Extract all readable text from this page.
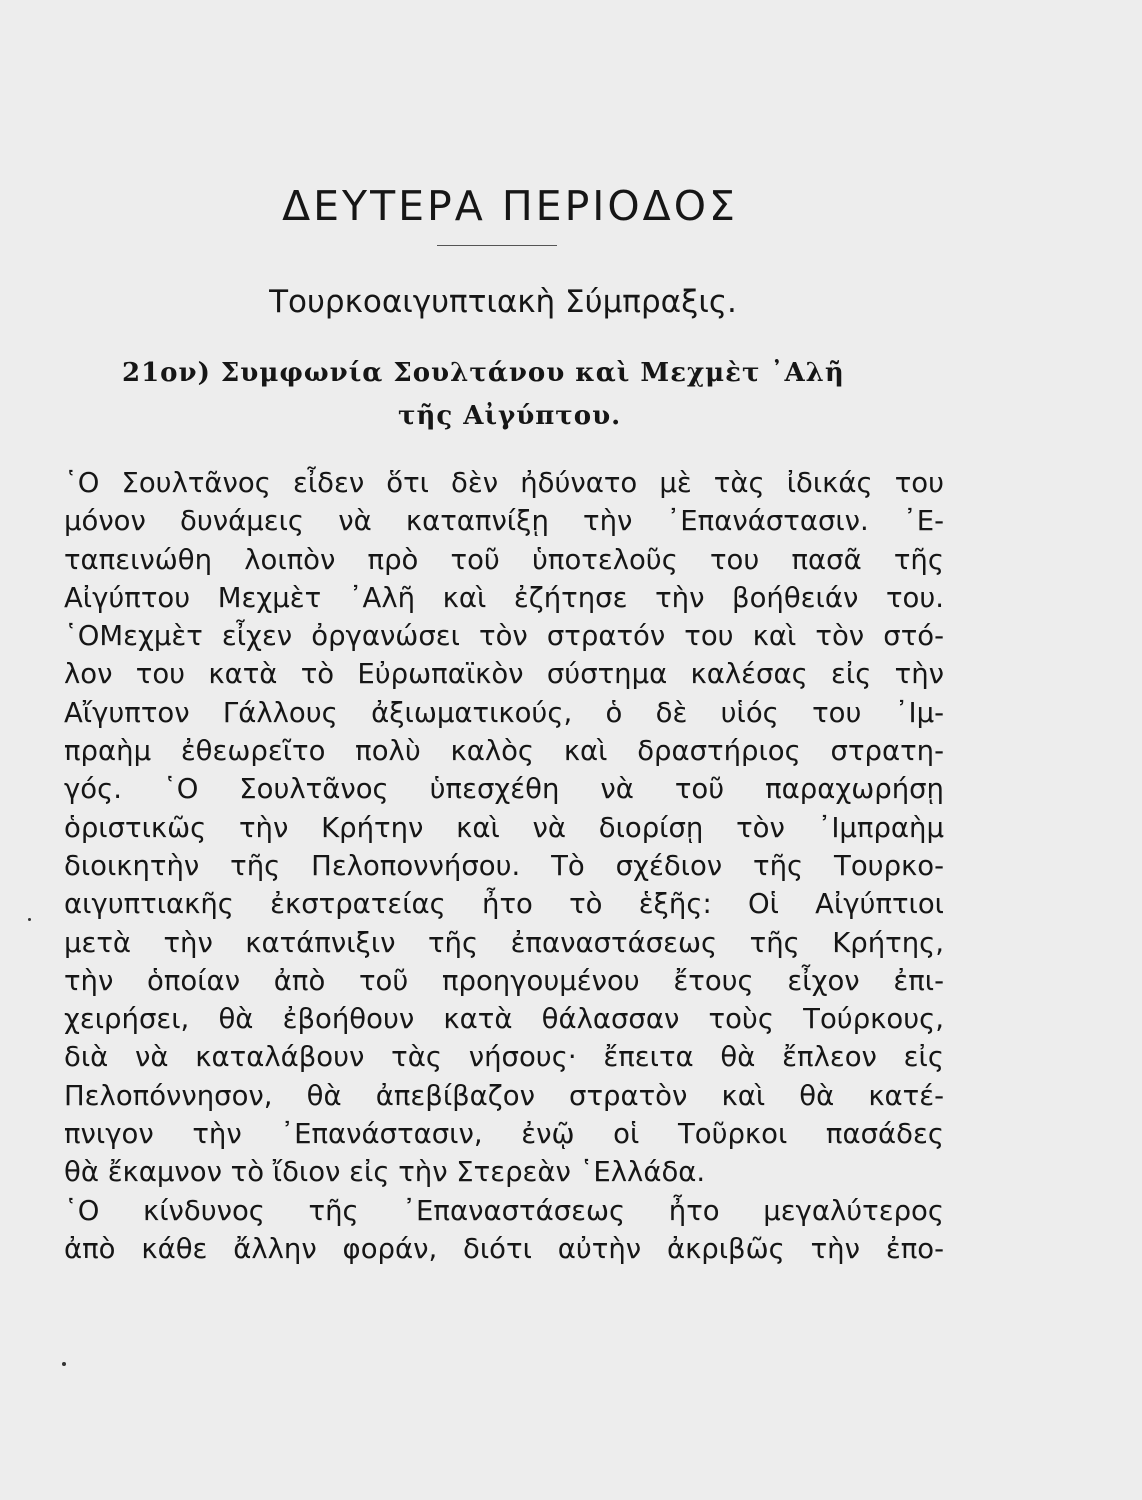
ΔΕΥΤΕΡΑ ΠΕΡΙΟΔΟΣ
Τουρκοαιγυπτιακὴ Σύμπραξις.
21ον) Συμφωνία Σουλτάνου καὶ Μεχμὲτ ᾿Αλῆ
τῆς Αἰγύπτου.
῾Ο Σουλτᾶνος εἶδεν ὅτι δὲν ἠδύνατο μὲ τὰς ἰδικάς του
μόνον δυνάμεις νὰ καταπνίξῃ τὴν ᾿Επανάστασιν. ᾿Ε-
ταπεινώθη λοιπὸν πρὸ τοῦ ὑποτελοῦς του πασᾶ τῆς
Αἰγύπτου Μεχμὲτ ᾿Αλῆ καὶ ἐζήτησε τὴν βοήθειάν του.
῾ΟΜεχμὲτ εἶχεν ὀργανώσει τὸν στρατόν του καὶ τὸν στό-
λον του κατὰ τὸ Εὐρωπαϊκὸν σύστημα καλέσας εἰς τὴν
Αἴγυπτον Γάλλους ἀξιωματικούς, ὁ δὲ υἱός του ᾿Ιμ-
πραὴμ ἐθεωρεῖτο πολὺ καλὸς καὶ δραστήριος στρατη-
γός. ῾Ο Σουλτᾶνος ὑπεσχέθη νὰ τοῦ παραχωρήσῃ
ὁριστικῶς τὴν Κρήτην καὶ νὰ διορίσῃ τὸν ᾿Ιμπραὴμ
διοικητὴν τῆς Πελοποννήσου. Τὸ σχέδιον τῆς Τουρκο-
αιγυπτιακῆς ἐκστρατείας ἦτο τὸ ἑξῆς: Οἱ Αἰγύπτιοι
μετὰ τὴν κατάπνιξιν τῆς ἐπαναστάσεως τῆς Κρήτης,
τὴν ὁποίαν ἀπὸ τοῦ προηγουμένου ἔτους εἶχον ἐπι-
χειρήσει, θὰ ἐβοήθουν κατὰ θάλασσαν τοὺς Τούρκους,
διὰ νὰ καταλάβουν τὰς νήσους· ἔπειτα θὰ ἔπλεον εἰς
Πελοπόννησον, θὰ ἀπεβίβαζον στρατὸν καὶ θὰ κατέ-
πνιγον τὴν ᾿Επανάστασιν, ἐνῷ οἱ Τοῦρκοι πασάδες
θὰ ἔκαμνον τὸ ἴδιον εἰς τὴν Στερεὰν ῾Ελλάδα.
῾Ο κίνδυνος τῆς ᾿Επαναστάσεως ἦτο μεγαλύτερος
ἀπὸ κάθε ἄλλην φοράν, διότι αὐτὴν ἀκριβῶς τὴν ἐπο-
